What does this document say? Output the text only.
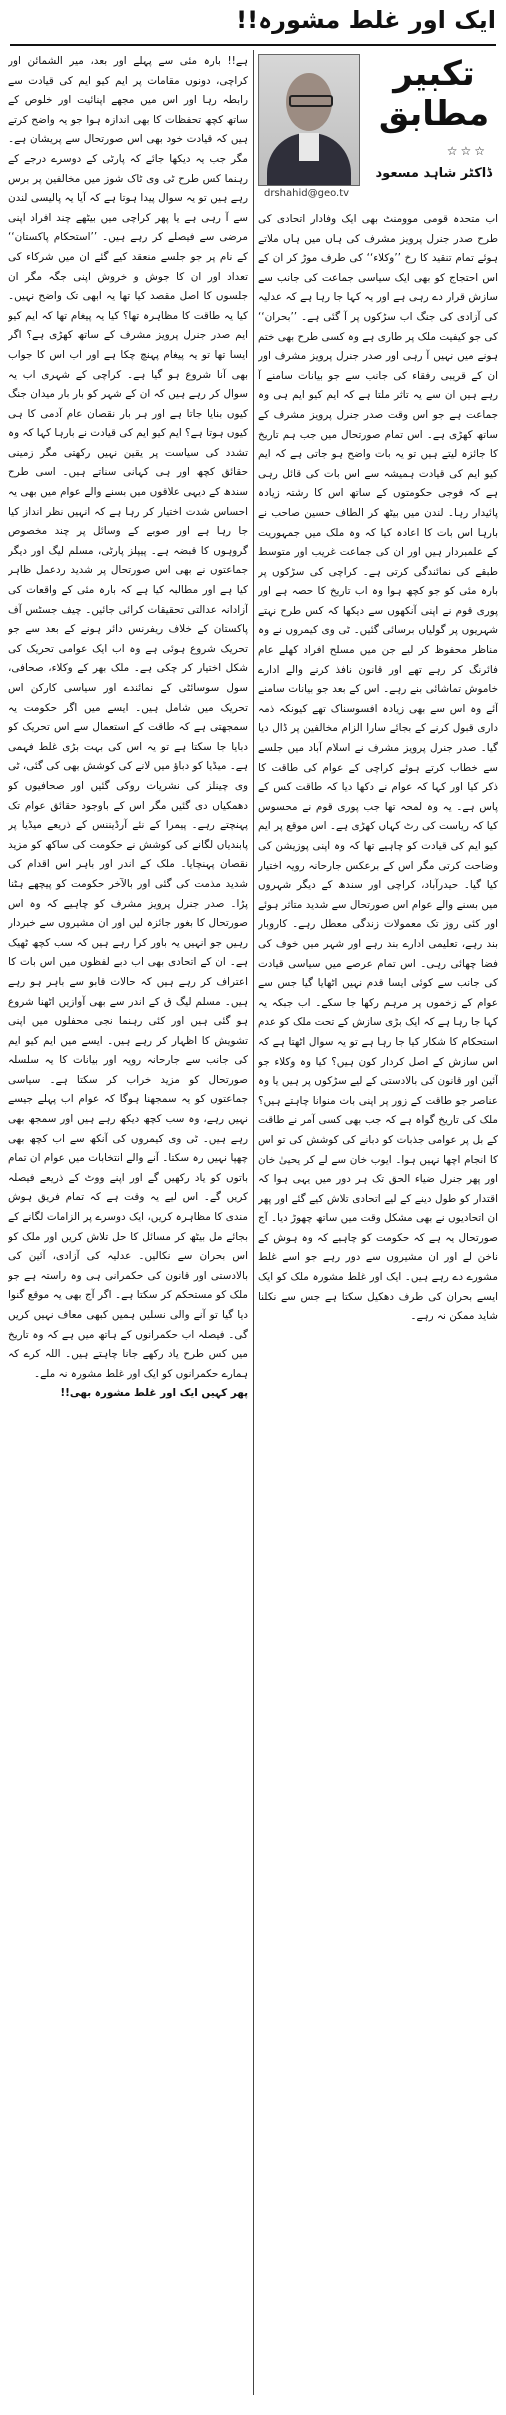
ایک اور غلط مشورہ!!
تکبیر مطابق
☆☆☆
ڈاکٹر شاہد مسعود
drshahid@geo.tv

اب متحدہ قومی موومنٹ بھی ایک وفادار اتحادی کی طرح صدر جنرل پرویز مشرف کی ہاں میں ہاں ملاتے ہوئے تمام تنقید کا رخ ’’وکلاء‘‘ کی طرف موڑ کر ان کے اس احتجاج کو بھی ایک سیاسی جماعت کی جانب سے سازش قرار دے رہی ہے اور یہ کہا جا رہا ہے کہ عدلیہ کی آزادی کی جنگ اب سڑکوں پر آ گئی ہے۔ ’’بحران‘‘ کی جو کیفیت ملک پر طاری ہے وہ کسی طرح بھی ختم ہونے میں نہیں آ رہی اور صدر جنرل پرویز مشرف اور ان کے قریبی رفقاء کی جانب سے جو بیانات سامنے آ رہے ہیں ان سے یہ تاثر ملتا ہے کہ ایم کیو ایم ہی وہ جماعت ہے جو اس وقت صدر جنرل پرویز مشرف کے ساتھ کھڑی ہے۔ اس تمام صورتحال میں جب ہم تاریخ کا جائزہ لیتے ہیں تو یہ بات واضح ہو جاتی ہے کہ ایم کیو ایم کی قیادت ہمیشہ سے اس بات کی قائل رہی ہے کہ فوجی حکومتوں کے ساتھ اس کا رشتہ زیادہ پائیدار رہا۔ لندن میں بیٹھ کر الطاف حسین صاحب نے بارہا اس بات کا اعادہ کیا کہ وہ ملک میں جمہوریت کے علمبردار ہیں اور ان کی جماعت غریب اور متوسط طبقے کی نمائندگی کرتی ہے۔ کراچی کی سڑکوں پر بارہ مئی کو جو کچھ ہوا وہ اب تاریخ کا حصہ ہے اور پوری قوم نے اپنی آنکھوں سے دیکھا کہ کس طرح نہتے شہریوں پر گولیاں برسائی گئیں۔ ٹی وی کیمروں نے وہ مناظر محفوظ کر لیے جن میں مسلح افراد کھلے عام فائرنگ کر رہے تھے اور قانون نافذ کرنے والے ادارے خاموش تماشائی بنے رہے۔ اس کے بعد جو بیانات سامنے آئے وہ اس سے بھی زیادہ افسوسناک تھے کیونکہ ذمہ داری قبول کرنے کے بجائے سارا الزام مخالفین پر ڈال دیا گیا۔ صدر جنرل پرویز مشرف نے اسلام آباد میں جلسے سے خطاب کرتے ہوئے کراچی کے عوام کی طاقت کا ذکر کیا اور کہا کہ عوام نے دکھا دیا کہ طاقت کس کے پاس ہے۔ یہ وہ لمحہ تھا جب پوری قوم نے محسوس کیا کہ ریاست کی رٹ کہاں کھڑی ہے۔ اس موقع پر ایم کیو ایم کی قیادت کو چاہیے تھا کہ وہ اپنی پوزیشن کی وضاحت کرتی مگر اس کے برعکس جارحانہ رویہ اختیار کیا گیا۔ حیدرآباد، کراچی اور سندھ کے دیگر شہروں میں بسنے والے عوام اس صورتحال سے شدید متاثر ہوئے اور کئی روز تک معمولات زندگی معطل رہے۔ کاروبار بند رہے، تعلیمی ادارے بند رہے اور شہر میں خوف کی فضا چھائی رہی۔ اس تمام عرصے میں سیاسی قیادت کی جانب سے کوئی ایسا قدم نہیں اٹھایا گیا جس سے عوام کے زخموں پر مرہم رکھا جا سکے۔ اب جبکہ یہ کہا جا رہا ہے کہ ایک بڑی سازش کے تحت ملک کو عدم استحکام کا شکار کیا جا رہا ہے تو یہ سوال اٹھتا ہے کہ اس سازش کے اصل کردار کون ہیں؟ کیا وہ وکلاء جو آئین اور قانون کی بالادستی کے لیے سڑکوں پر ہیں یا وہ عناصر جو طاقت کے زور پر اپنی بات منوانا چاہتے ہیں؟ ملک کی تاریخ گواہ ہے کہ جب بھی کسی آمر نے طاقت کے بل پر عوامی جذبات کو دبانے کی کوشش کی تو اس کا انجام اچھا نہیں ہوا۔ ایوب خان سے لے کر یحییٰ خان اور پھر جنرل ضیاء الحق تک ہر دور میں یہی ہوا کہ اقتدار کو طول دینے کے لیے اتحادی تلاش کیے گئے اور پھر ان اتحادیوں نے بھی مشکل وقت میں ساتھ چھوڑ دیا۔ آج صورتحال یہ ہے کہ حکومت کو چاہیے کہ وہ ہوش کے ناخن لے اور ان مشیروں سے دور رہے جو اسے غلط مشورے دے رہے ہیں۔ ایک اور غلط مشورہ ملک کو ایک ایسے بحران کی طرف دھکیل سکتا ہے جس سے نکلنا شاید ممکن نہ رہے۔

ہے!! بارہ مئی سے پہلے اور بعد، میر الشمائن اور کراچی، دونوں مقامات پر ایم کیو ایم کی قیادت سے رابطہ رہا اور اس میں مجھے اپنائیت اور خلوص کے ساتھ کچھ تحفظات کا بھی اندازہ ہوا جو یہ واضح کرتے ہیں کہ قیادت خود بھی اس صورتحال سے پریشان ہے۔ مگر جب یہ دیکھا جائے کہ پارٹی کے دوسرے درجے کے رہنما کس طرح ٹی وی ٹاک شوز میں مخالفین پر برس رہے ہیں تو یہ سوال پیدا ہوتا ہے کہ آیا یہ پالیسی لندن سے آ رہی ہے یا پھر کراچی میں بیٹھے چند افراد اپنی مرضی سے فیصلے کر رہے ہیں۔ ’’استحکام پاکستان‘‘ کے نام پر جو جلسے منعقد کیے گئے ان میں شرکاء کی تعداد اور ان کا جوش و خروش اپنی جگہ مگر ان جلسوں کا اصل مقصد کیا تھا یہ ابھی تک واضح نہیں۔ کیا یہ طاقت کا مظاہرہ تھا؟ کیا یہ پیغام تھا کہ ایم کیو ایم صدر جنرل پرویز مشرف کے ساتھ کھڑی ہے؟ اگر ایسا تھا تو یہ پیغام پہنچ چکا ہے اور اب اس کا جواب بھی آنا شروع ہو گیا ہے۔ کراچی کے شہری اب یہ سوال کر رہے ہیں کہ ان کے شہر کو بار بار میدان جنگ کیوں بنایا جاتا ہے اور ہر بار نقصان عام آدمی کا ہی کیوں ہوتا ہے؟ ایم کیو ایم کی قیادت نے بارہا کہا کہ وہ تشدد کی سیاست پر یقین نہیں رکھتی مگر زمینی حقائق کچھ اور ہی کہانی سناتے ہیں۔ اسی طرح سندھ کے دیہی علاقوں میں بسنے والے عوام میں بھی یہ احساس شدت اختیار کر رہا ہے کہ انہیں نظر انداز کیا جا رہا ہے اور صوبے کے وسائل پر چند مخصوص گروہوں کا قبضہ ہے۔ پیپلز پارٹی، مسلم لیگ اور دیگر جماعتوں نے بھی اس صورتحال پر شدید ردعمل ظاہر کیا ہے اور مطالبہ کیا ہے کہ بارہ مئی کے واقعات کی آزادانہ عدالتی تحقیقات کرائی جائیں۔ چیف جسٹس آف پاکستان کے خلاف ریفرنس دائر ہونے کے بعد سے جو تحریک شروع ہوئی ہے وہ اب ایک عوامی تحریک کی شکل اختیار کر چکی ہے۔ ملک بھر کے وکلاء، صحافی، سول سوسائٹی کے نمائندے اور سیاسی کارکن اس تحریک میں شامل ہیں۔ ایسے میں اگر حکومت یہ سمجھتی ہے کہ طاقت کے استعمال سے اس تحریک کو دبایا جا سکتا ہے تو یہ اس کی بہت بڑی غلط فہمی ہے۔ میڈیا کو دباؤ میں لانے کی کوشش بھی کی گئی، ٹی وی چینلز کی نشریات روکی گئیں اور صحافیوں کو دھمکیاں دی گئیں مگر اس کے باوجود حقائق عوام تک پہنچتے رہے۔ پیمرا کے نئے آرڈیننس کے ذریعے میڈیا پر پابندیاں لگانے کی کوشش نے حکومت کی ساکھ کو مزید نقصان پہنچایا۔ ملک کے اندر اور باہر اس اقدام کی شدید مذمت کی گئی اور بالآخر حکومت کو پیچھے ہٹنا پڑا۔ صدر جنرل پرویز مشرف کو چاہیے کہ وہ اس صورتحال کا بغور جائزہ لیں اور ان مشیروں سے خبردار رہیں جو انہیں یہ باور کرا رہے ہیں کہ سب کچھ ٹھیک ہے۔ ان کے اتحادی بھی اب دبے لفظوں میں اس بات کا اعتراف کر رہے ہیں کہ حالات قابو سے باہر ہو رہے ہیں۔ مسلم لیگ ق کے اندر سے بھی آوازیں اٹھنا شروع ہو گئی ہیں اور کئی رہنما نجی محفلوں میں اپنی تشویش کا اظہار کر رہے ہیں۔ ایسے میں ایم کیو ایم کی جانب سے جارحانہ رویہ اور بیانات کا یہ سلسلہ صورتحال کو مزید خراب کر سکتا ہے۔ سیاسی جماعتوں کو یہ سمجھنا ہوگا کہ عوام اب پہلے جیسے نہیں رہے، وہ سب کچھ دیکھ رہے ہیں اور سمجھ بھی رہے ہیں۔ ٹی وی کیمروں کی آنکھ سے اب کچھ بھی چھپا نہیں رہ سکتا۔ آنے والے انتخابات میں عوام ان تمام باتوں کو یاد رکھیں گے اور اپنے ووٹ کے ذریعے فیصلہ کریں گے۔ اس لیے یہ وقت ہے کہ تمام فریق ہوش مندی کا مظاہرہ کریں، ایک دوسرے پر الزامات لگانے کے بجائے مل بیٹھ کر مسائل کا حل تلاش کریں اور ملک کو اس بحران سے نکالیں۔ عدلیہ کی آزادی، آئین کی بالادستی اور قانون کی حکمرانی ہی وہ راستہ ہے جو ملک کو مستحکم کر سکتا ہے۔ اگر آج بھی یہ موقع گنوا دیا گیا تو آنے والی نسلیں ہمیں کبھی معاف نہیں کریں گی۔ فیصلہ اب حکمرانوں کے ہاتھ میں ہے کہ وہ تاریخ میں کس طرح یاد رکھے جانا چاہتے ہیں۔ اللہ کرے کہ ہمارے حکمرانوں کو ایک اور غلط مشورہ نہ ملے۔

پھر کہیں ایک اور غلط مشورہ بھی!!
